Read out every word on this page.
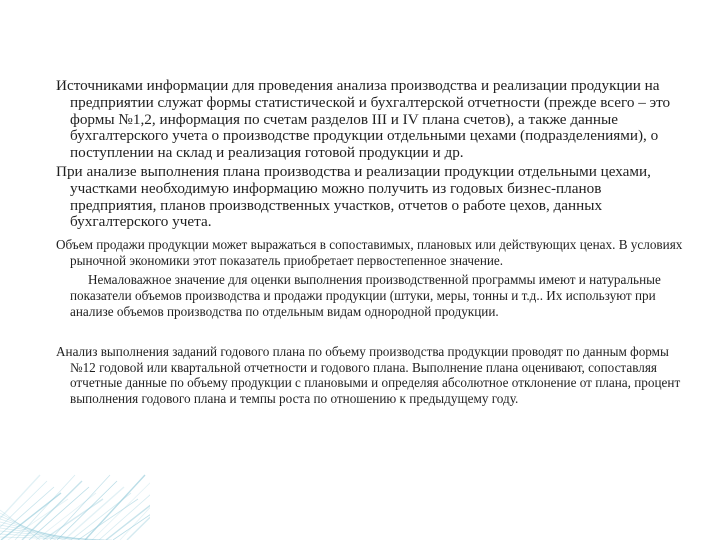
Источниками информации для проведения анализа производства и реализации продукции на предприятии служат формы статистической и бухгалтерской отчетности (прежде всего – это формы №1,2, информация по счетам разделов III и IV плана счетов), а также данные бухгалтерского учета о производстве продукции отдельными цехами (подразделениями), о поступлении на склад и реализация готовой продукции и др.

При анализе выполнения плана производства и реализации продукции отдельными цехами, участками необходимую информацию можно получить из годовых бизнес-планов предприятия, планов производственных участков, отчетов о работе цехов, данных бухгалтерского учета.

Объем продажи продукции может выражаться в сопоставимых, плановых или действующих ценах. В условиях рыночной экономики этот показатель приобретает первостепенное значение.

Немаловажное значение для оценки выполнения производственной программы имеют и натуральные показатели объемов производства и продажи продукции (штуки, меры, тонны и т.д.. Их используют при анализе объемов производства по отдельным видам однородной продукции.

Анализ выполнения заданий годового плана по объему производства продукции проводят по данным формы №12 годовой или квартальной отчетности и годового плана. Выполнение плана оценивают, сопоставляя отчетные данные по объему продукции с плановыми и определяя абсолютное отклонение от плана, процент выполнения годового плана и темпы роста по отношению к предыдущему году.
